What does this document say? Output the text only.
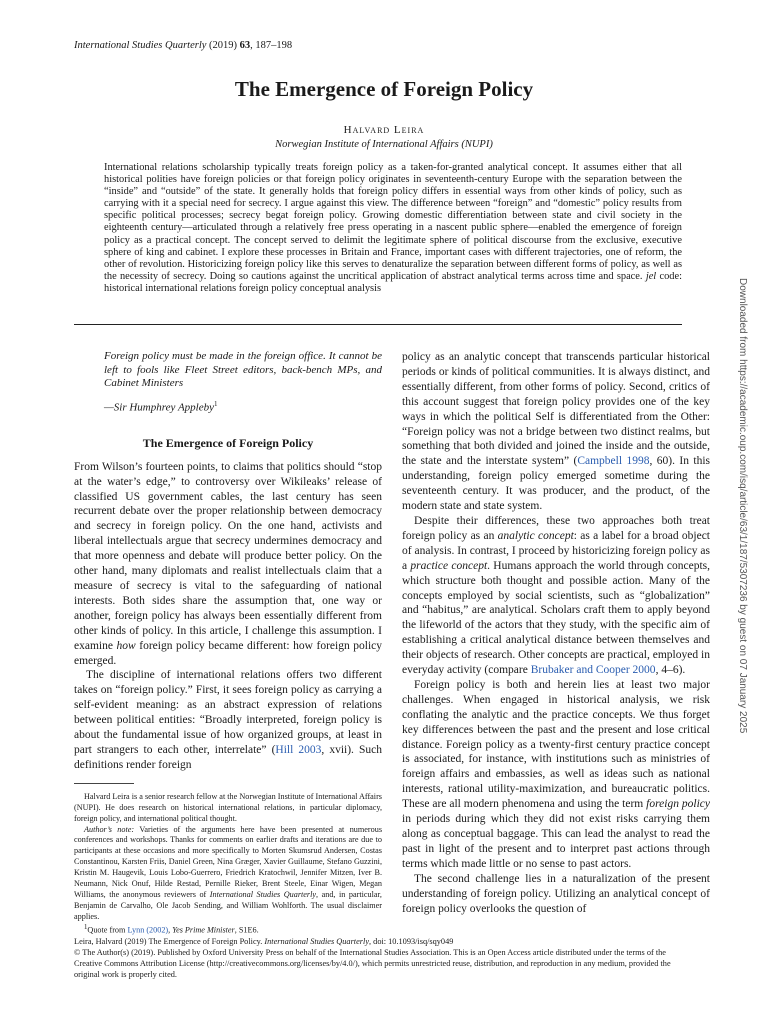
International Studies Quarterly (2019) 63, 187–198
The Emergence of Foreign Policy
Halvard Leira
Norwegian Institute of International Affairs (NUPI)
International relations scholarship typically treats foreign policy as a taken-for-granted analytical concept. It assumes either that all historical polities have foreign policies or that foreign policy originates in seventeenth-century Europe with the separation between the “inside” and “outside” of the state. It generally holds that foreign policy differs in essential ways from other kinds of policy, such as carrying with it a special need for secrecy. I argue against this view. The difference between “foreign” and “domestic” policy results from specific political processes; secrecy begat foreign policy. Growing domestic differentiation between state and civil society in the eighteenth century—articulated through a relatively free press operating in a nascent public sphere—enabled the emergence of foreign policy as a practical concept. The concept served to delimit the legitimate sphere of political discourse from the exclusive, executive sphere of king and cabinet. I explore these processes in Britain and France, important cases with different trajectories, one of reform, the other of revolution. Historicizing foreign policy like this serves to denaturalize the separation between different forms of policy, as well as the necessity of secrecy. Doing so cautions against the uncritical application of abstract analytical terms across time and space. jel code: historical international relations foreign policy conceptual analysis	Downloaded from https://academic.oup.com/isq/article/63/1/187/5307236 by guest on 07 January 2025

Foreign policy must be made in the foreign office. It cannot be left to fools like Fleet Street editors, back-bench MPs, and Cabinet Ministers

—Sir Humphrey Appleby$^1$
The Emergence of Foreign Policy

From Wilson’s fourteen points, to claims that politics should “stop at the water’s edge,” to controversy over Wikileaks’ release of classified US government cables, the last century has seen recurrent debate over the proper relationship between democracy and secrecy in foreign policy. On the one hand, activists and liberal intellectuals argue that secrecy undermines democracy and that more openness and debate will produce better policy. On the other hand, many diplomats and realist intellectuals claim that a measure of secrecy is vital to the safeguarding of national interests. Both sides share the assumption that, one way or another, foreign policy has always been essentially different from other kinds of policy. In this article, I challenge this assumption. I examine how foreign policy became different: how foreign policy emerged.

The discipline of international relations offers two different takes on “foreign policy.” First, it sees foreign policy as carrying a self-evident meaning: as an abstract expression of relations between political entities: “Broadly interpreted, foreign policy is about the fundamental issue of how organized groups, at least in part strangers to each other, interrelate” (Hill 2003, xvii). Such definitions render foreign

Halvard Leira is a senior research fellow at the Norwegian Institute of International Affairs (NUPI). He does research on historical international relations, in particular diplomacy, foreign policy, and international political thought.

Author’s note: Varieties of the arguments here have been presented at numerous conferences and workshops. Thanks for comments on earlier drafts and iterations are due to participants at these occasions and more specifically to Morten Skumsrud Andersen, Costas Constantinou, Karsten Friis, Daniel Green, Nina Græger, Xavier Guillaume, Stefano Guzzini, Kristin M. Haugevik, Louis Lobo-Guerrero, Friedrich Kratochwil, Jennifer Mitzen, Iver B. Neumann, Nick Onuf, Hilde Restad, Pernille Rieker, Brent Steele, Einar Wigen, Megan Williams, the anonymous reviewers of International Studies Quarterly, and, in particular, Benjamin de Carvalho, Ole Jacob Sending, and William Wohlforth. The usual disclaimer applies.

$^1$Quote from Lynn (2002), Yes Prime Minister, S1E6.

policy as an analytic concept that transcends particular historical periods or kinds of political communities. It is always distinct, and essentially different, from other forms of policy. Second, critics of this account suggest that foreign policy provides one of the key ways in which the political Self is differentiated from the Other: “Foreign policy was not a bridge between two distinct realms, but something that both divided and joined the inside and the outside, the state and the interstate system” (Campbell 1998, 60). In this understanding, foreign policy emerged sometime during the seventeenth century. It was producer, and the product, of the modern state and state system.

Despite their differences, these two approaches both treat foreign policy as an analytic concept: as a label for a broad object of analysis. In contrast, I proceed by historicizing foreign policy as a practice concept. Humans approach the world through concepts, which structure both thought and possible action. Many of the concepts employed by social scientists, such as “globalization” and “habitus,” are analytical. Scholars craft them to apply beyond the lifeworld of the actors that they study, with the specific aim of establishing a critical analytical distance between themselves and their objects of research. Other concepts are practical, employed in everyday activity (compare Brubaker and Cooper 2000, 4–6).

Foreign policy is both and herein lies at least two major challenges. When engaged in historical analysis, we risk conflating the analytic and the practice concepts. We thus forget key differences between the past and the present and lose critical distance. Foreign policy as a twenty-first century practice concept is associated, for instance, with institutions such as ministries of foreign affairs and embassies, as well as ideas such as national interests, rational utility-maximization, and bureaucratic politics. These are all modern phenomena and using the term foreign policy in periods during which they did not exist risks carrying them along as conceptual baggage. This can lead the analyst to read the past in light of the present and to interpret past actions through terms which made little or no sense to past actors.

The second challenge lies in a naturalization of the present understanding of foreign policy. Utilizing an analytical concept of foreign policy overlooks the question of

Leira, Halvard (2019) The Emergence of Foreign Policy. International Studies Quarterly, doi: 10.1093/isq/sqy049

© The Author(s) (2019). Published by Oxford University Press on behalf of the International Studies Association. This is an Open Access article distributed under the terms of the Creative Commons Attribution License (http://creativecommons.org/licenses/by/4.0/), which permits unrestricted reuse, distribution, and reproduction in any medium, provided the original work is properly cited.
